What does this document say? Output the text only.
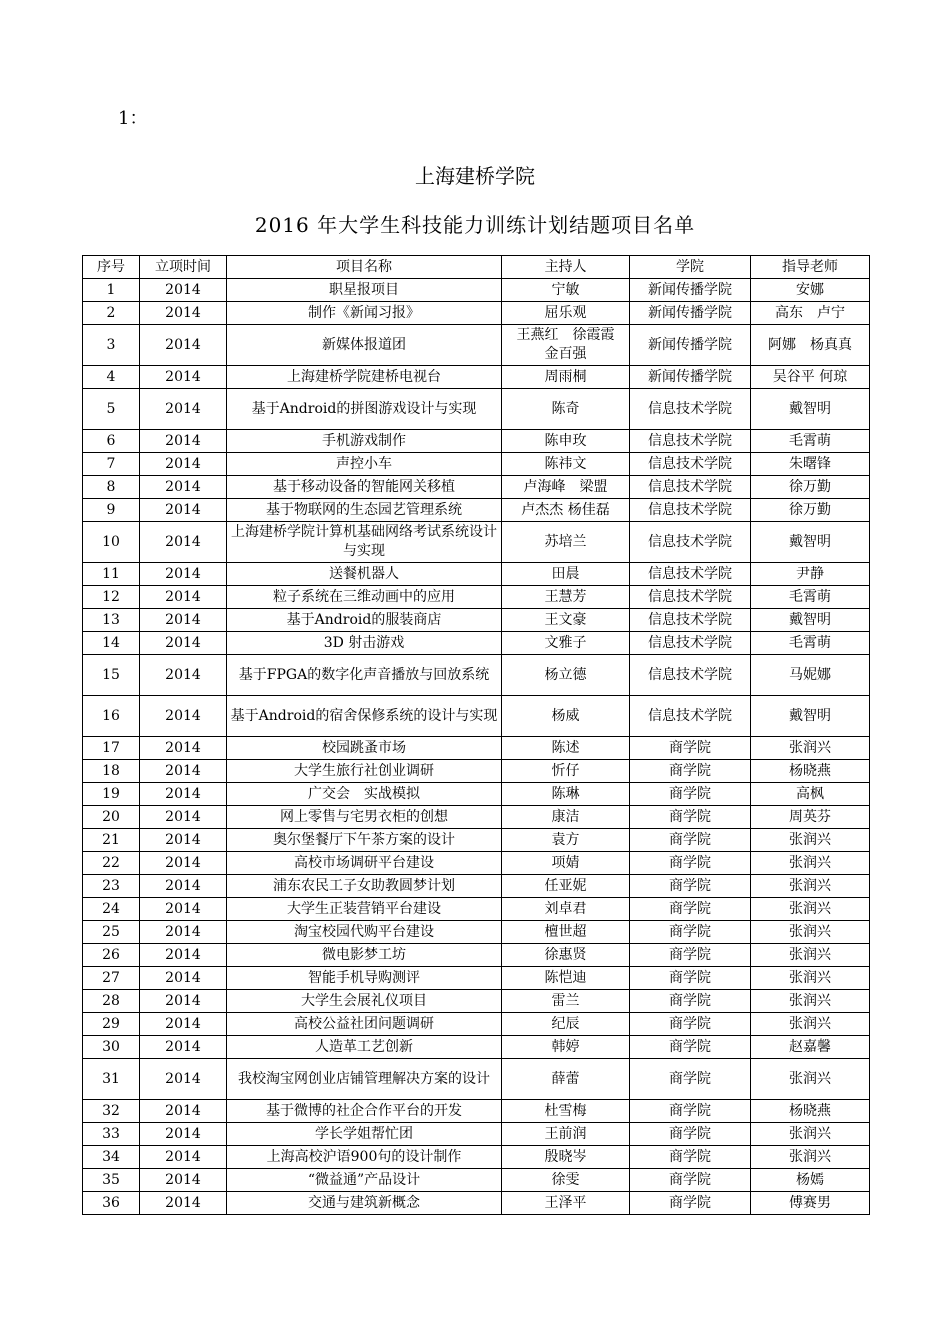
1：
上海建桥学院
2016 年大学生科技能力训练计划结题项目名单
序号	立项时间	项目名称	主持人	学院	指导老师
1	2014	职星报项目	宁敏	新闻传播学院	安娜
2	2014	制作《新闻习报》	屈乐观	新闻传播学院	高东　卢宁
3	2014	新媒体报道团	王燕红　徐霞霞　金百强	新闻传播学院	阿娜　杨真真
4	2014	上海建桥学院建桥电视台	周雨桐	新闻传播学院	吴谷平 何琼
5	2014	基于Android的拼图游戏设计与实现	陈奇	信息技术学院	戴智明
6	2014	手机游戏制作	陈申玫	信息技术学院	毛霄萌
7	2014	声控小车	陈祎文	信息技术学院	朱曙锋
8	2014	基于移动设备的智能网关移植	卢海峰　梁盟	信息技术学院	徐万勤
9	2014	基于物联网的生态园艺管理系统	卢杰杰 杨佳磊	信息技术学院	徐万勤
10	2014	上海建桥学院计算机基础网络考试系统设计与实现	苏培兰	信息技术学院	戴智明
11	2014	送餐机器人	田晨	信息技术学院	尹静
12	2014	粒子系统在三维动画中的应用	王慧芳	信息技术学院	毛霄萌
13	2014	基于Android的服装商店	王文豪	信息技术学院	戴智明
14	2014	3D 射击游戏	文雅子	信息技术学院	毛霄萌
15	2014	基于FPGA的数字化声音播放与回放系统	杨立德	信息技术学院	马妮娜
16	2014	基于Android的宿舍保修系统的设计与实现	杨威	信息技术学院	戴智明
17	2014	校园跳蚤市场	陈述	商学院	张润兴
18	2014	大学生旅行社创业调研	忻仔	商学院	杨晓燕
19	2014	广交会　实战模拟	陈琳	商学院	高枫
20	2014	网上零售与宅男衣柜的创想	康洁	商学院	周英芬
21	2014	奥尔堡餐厅下午茶方案的设计	袁方	商学院	张润兴
22	2014	高校市场调研平台建设	项婧	商学院	张润兴
23	2014	浦东农民工子女助教圆梦计划	任亚妮	商学院	张润兴
24	2014	大学生正装营销平台建设	刘卓君	商学院	张润兴
25	2014	淘宝校园代购平台建设	檀世超	商学院	张润兴
26	2014	微电影梦工坊	徐惠贤	商学院	张润兴
27	2014	智能手机导购测评	陈恺迪	商学院	张润兴
28	2014	大学生会展礼仪项目	雷兰	商学院	张润兴
29	2014	高校公益社团问题调研	纪辰	商学院	张润兴
30	2014	人造革工艺创新	韩婷	商学院	赵嘉馨
31	2014	我校淘宝网创业店铺管理解决方案的设计	薛蕾	商学院	张润兴
32	2014	基于微博的社企合作平台的开发	杜雪梅	商学院	杨晓燕
33	2014	学长学姐帮忙团	王前润	商学院	张润兴
34	2014	上海高校沪语900句的设计制作	殷晓岑	商学院	张润兴
35	2014	“微益通”产品设计	徐雯	商学院	杨嫣
36	2014	交通与建筑新概念	王泽平	商学院	傅赛男
